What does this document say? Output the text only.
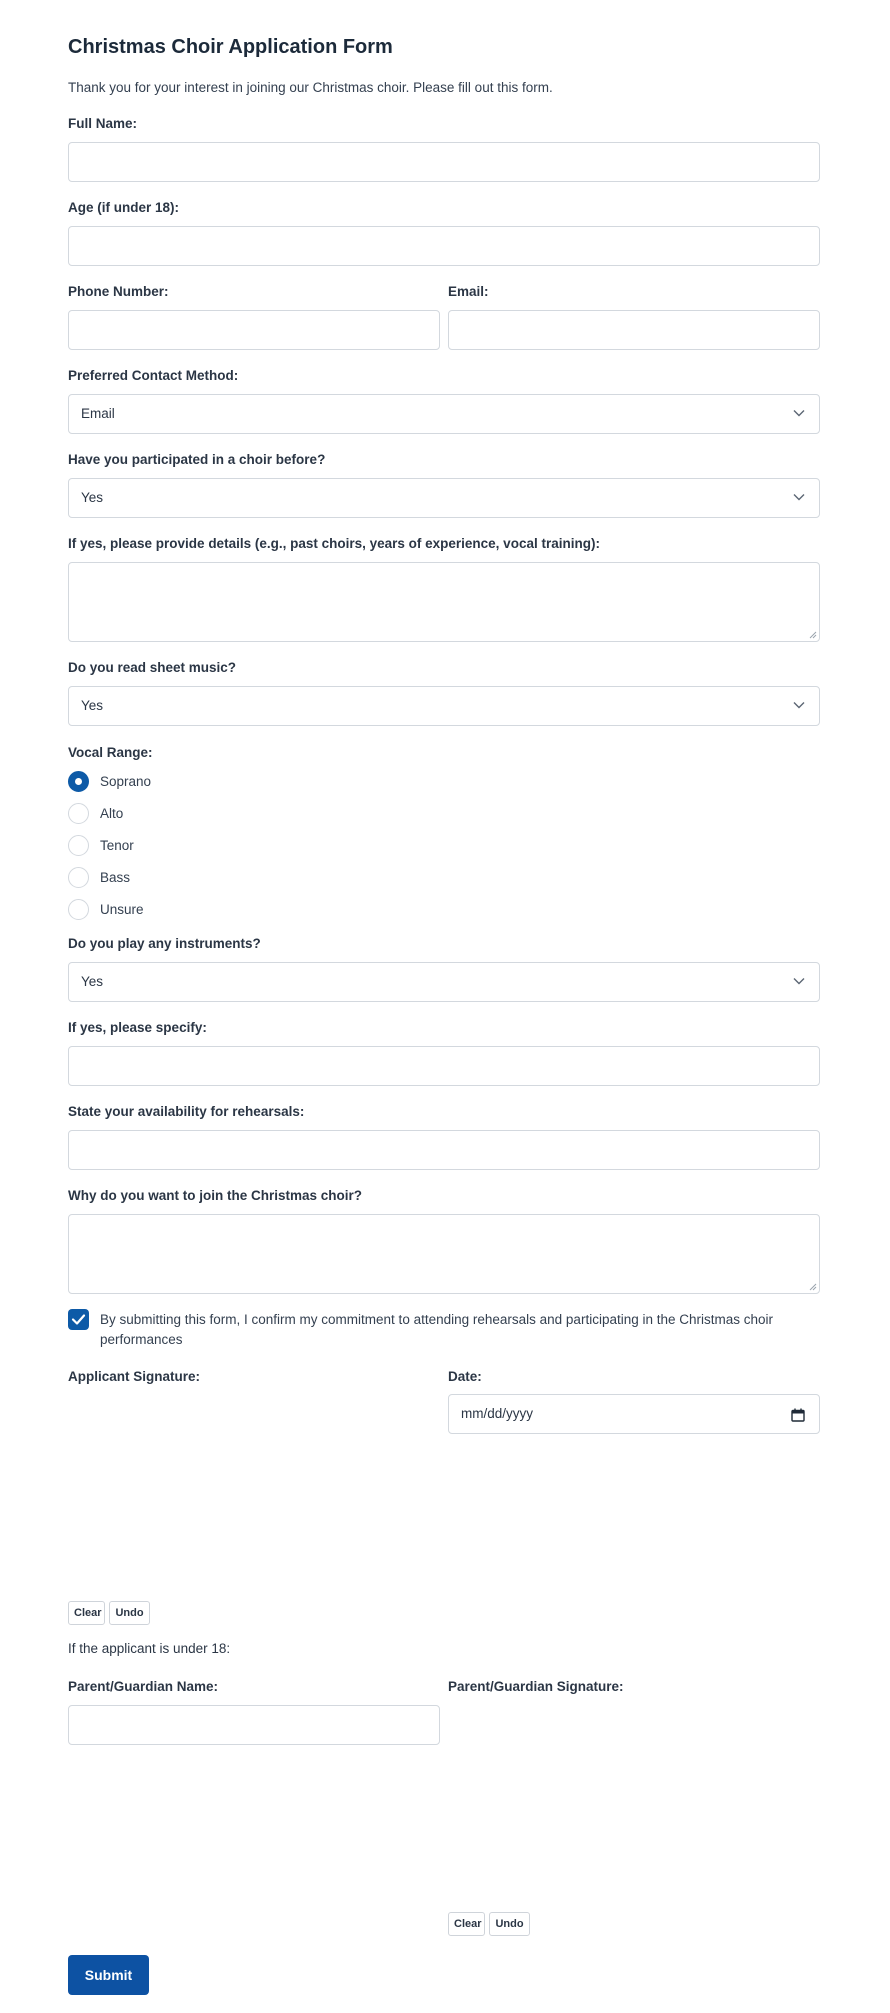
Christmas Choir Application Form
Thank you for your interest in joining our Christmas choir. Please fill out this form.
Full Name:
Age (if under 18):
Phone Number:	Email:
Preferred Contact Method:
Email
Have you participated in a choir before?
Yes
If yes, please provide details (e.g., past choirs, years of experience, vocal training):
Do you read sheet music?
Yes
Vocal Range:
Soprano
Alto
Tenor
Bass
Unsure
Do you play any instruments?
Yes
If yes, please specify:
State your availability for rehearsals:
Why do you want to join the Christmas choir?
By submitting this form, I confirm my commitment to attending rehearsals and participating in the Christmas choir performances
Applicant Signature:	Date:
mm/dd/yyyy
Clear	Undo
If the applicant is under 18:
Parent/Guardian Name:	Parent/Guardian Signature:
Clear	Undo
Submit
